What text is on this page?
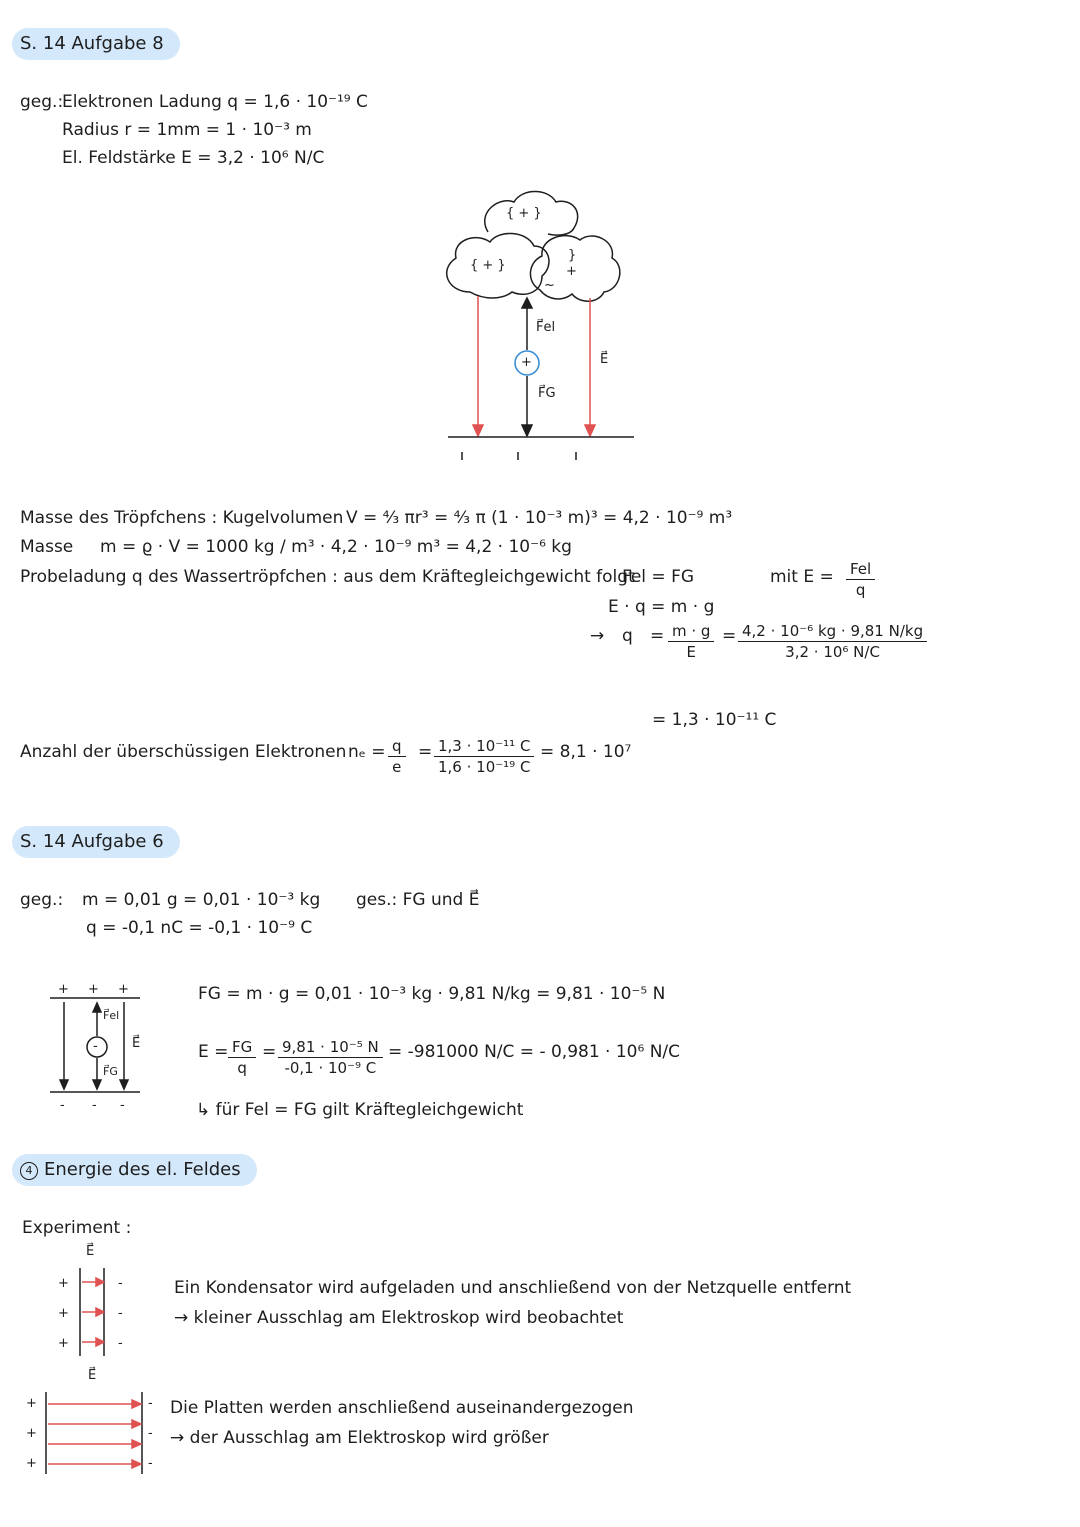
S. 14 Aufgabe 8
geg.:
Elektronen Ladung q = 1,6 · 10⁻¹⁹ C
Radius r = 1mm = 1 · 10⁻³ m
El. Feldstärke E = 3,2 · 10⁶ N/C
{ + }
{ + }
}
+
~
+
F⃗el
F⃗G
E⃗
Masse des Tröpfchens : Kugelvolumen V = ⁴⁄₃ πr³ = ⁴⁄₃ π (1 · 10⁻³ m)³ = 4,2 · 10⁻⁹ m³
Masse m = ϱ · V = 1000 kg / m³ · 4,2 · 10⁻⁹ m³ = 4,2 · 10⁻⁶ kg
Probeladung q des Wassertröpfchen : aus dem Kräftegleichgewicht folgt
Fel = FG
E · q = m · g
mit E = Fel
q
→ $q = \frac{m \cdot g}{E} = \frac{\text{4,2 · 10⁻⁶ kg · 9,81 N/kg}}{\text{3,2 · 10⁶ N/C}}$
= 1,3 · 10⁻¹¹ C
Anzahl der überschüssigen Elektronen $n_e = \frac{q}{e} = \frac{\text{1,3 · 10⁻¹¹ C}}{\text{1,6 · 10⁻¹⁹ C}} = 8,1 \cdot 10^7$
S. 14 Aufgabe 6
geg.: m = 0,01 g = 0,01 · 10⁻³ kg
q = -0,1 nC = -0,1 · 10⁻⁹ C
ges.: FG und E⃗
+ + +
- - -
F⃗el
F⃗G
E⃗
-
FG = m · g = 0,01 · 10⁻³ kg · 9,81 N/kg = 9,81 · 10⁻⁵ N
$E = \frac{FG}{q} = \frac{\text{9,81 · 10⁻⁵ N}}{\text{-0,1 · 10⁻⁹ C}} = -981000$ N/C = - 0,981 · 10⁶ N/C
↳ für Fel = FG gilt Kräftegleichgewicht
4 Energie des el. Feldes
Experiment :
E⃗
+
+
+
-
-
-
E⃗
+
+
+
-
-
-
Ein Kondensator wird aufgeladen und anschließend von der Netzquelle entfernt
→ kleiner Ausschlag am Elektroskop wird beobachtet
Die Platten werden anschließend auseinandergezogen
→ der Ausschlag am Elektroskop wird größer
